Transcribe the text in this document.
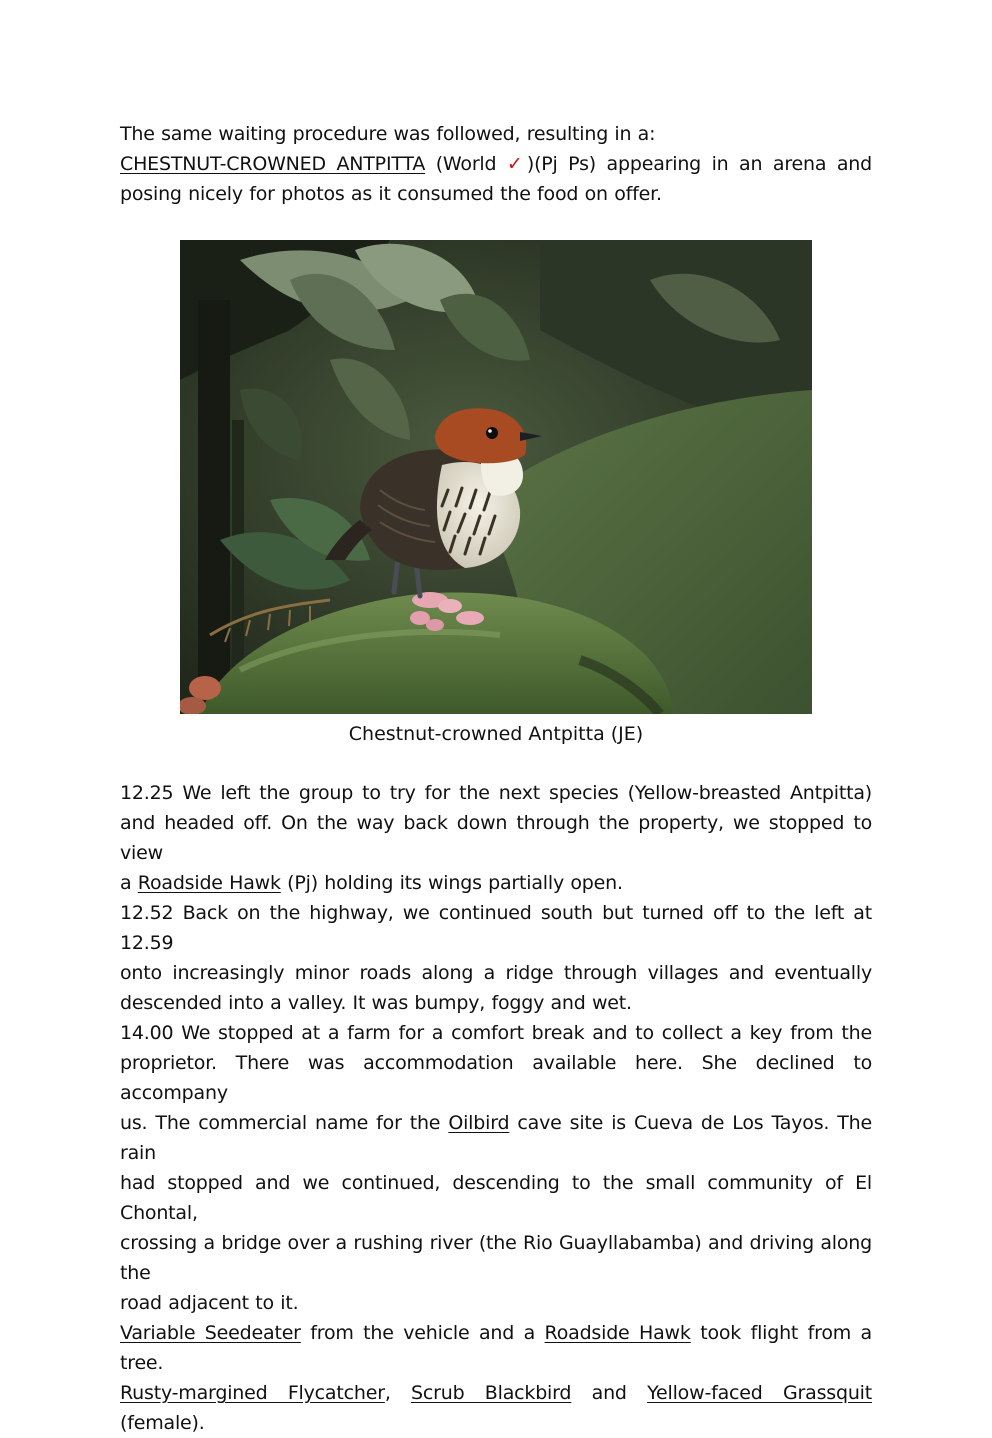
The same waiting procedure was followed, resulting in a:
CHESTNUT-CROWNED ANTPITTA (World ✓)(Pj Ps) appearing in an arena and
posing nicely for photos as it consumed the food on offer.
Chestnut-crowned Antpitta (JE)
12.25 We left the group to try for the next species (Yellow-breasted Antpitta)
and headed off. On the way back down through the property, we stopped to view
a Roadside Hawk (Pj) holding its wings partially open.
12.52 Back on the highway, we continued south but turned off to the left at 12.59
onto increasingly minor roads along a ridge through villages and eventually
descended into a valley. It was bumpy, foggy and wet.
14.00 We stopped at a farm for a comfort break and to collect a key from the
proprietor. There was accommodation available here. She declined to accompany
us. The commercial name for the Oilbird cave site is Cueva de Los Tayos. The rain
had stopped and we continued, descending to the small community of El Chontal,
crossing a bridge over a rushing river (the Rio Guayllabamba) and driving along the
road adjacent to it.
Variable Seedeater from the vehicle and a Roadside Hawk took flight from a tree.
Rusty-margined Flycatcher, Scrub Blackbird and Yellow-faced Grassquit (female).
